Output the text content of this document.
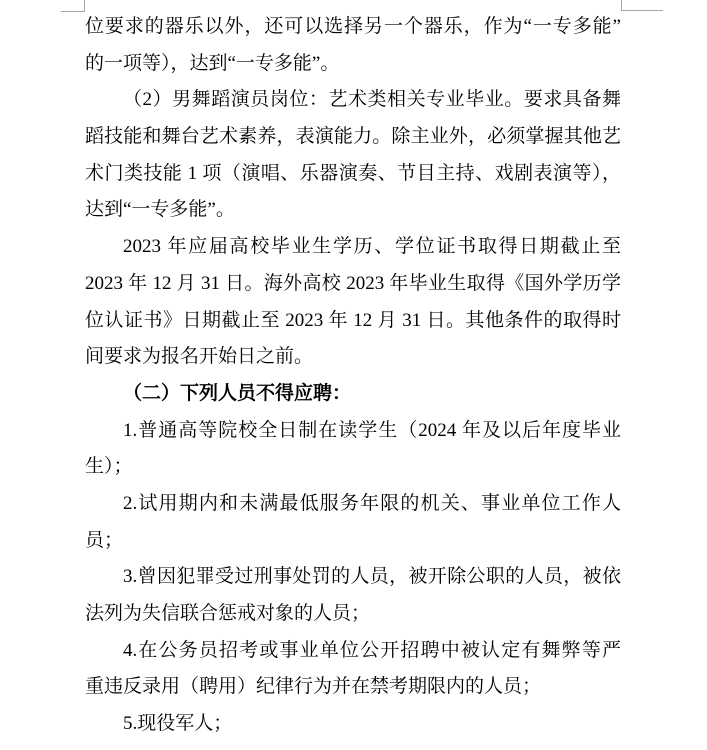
位要求的器乐以外，还可以选择另一个器乐，作为“一专多能”
的一项等），达到“一专多能”。
（2）男舞蹈演员岗位：艺术类相关专业毕业。要求具备舞
蹈技能和舞台艺术素养，表演能力。除主业外，必须掌握其他艺
术门类技能 1 项（演唱、乐器演奏、节目主持、戏剧表演等），
达到“一专多能”。
2023 年应届高校毕业生学历、学位证书取得日期截止至
2023 年 12 月 31 日。海外高校 2023 年毕业生取得《国外学历学
位认证书》日期截止至 2023 年 12 月 31 日。其他条件的取得时
间要求为报名开始日之前。
（二）下列人员不得应聘：
1.普通高等院校全日制在读学生（2024 年及以后年度毕业
生）；
2.试用期内和未满最低服务年限的机关、事业单位工作人
员；
3.曾因犯罪受过刑事处罚的人员，被开除公职的人员，被依
法列为失信联合惩戒对象的人员；
4.在公务员招考或事业单位公开招聘中被认定有舞弊等严
重违反录用（聘用）纪律行为并在禁考期限内的人员；
5.现役军人；
